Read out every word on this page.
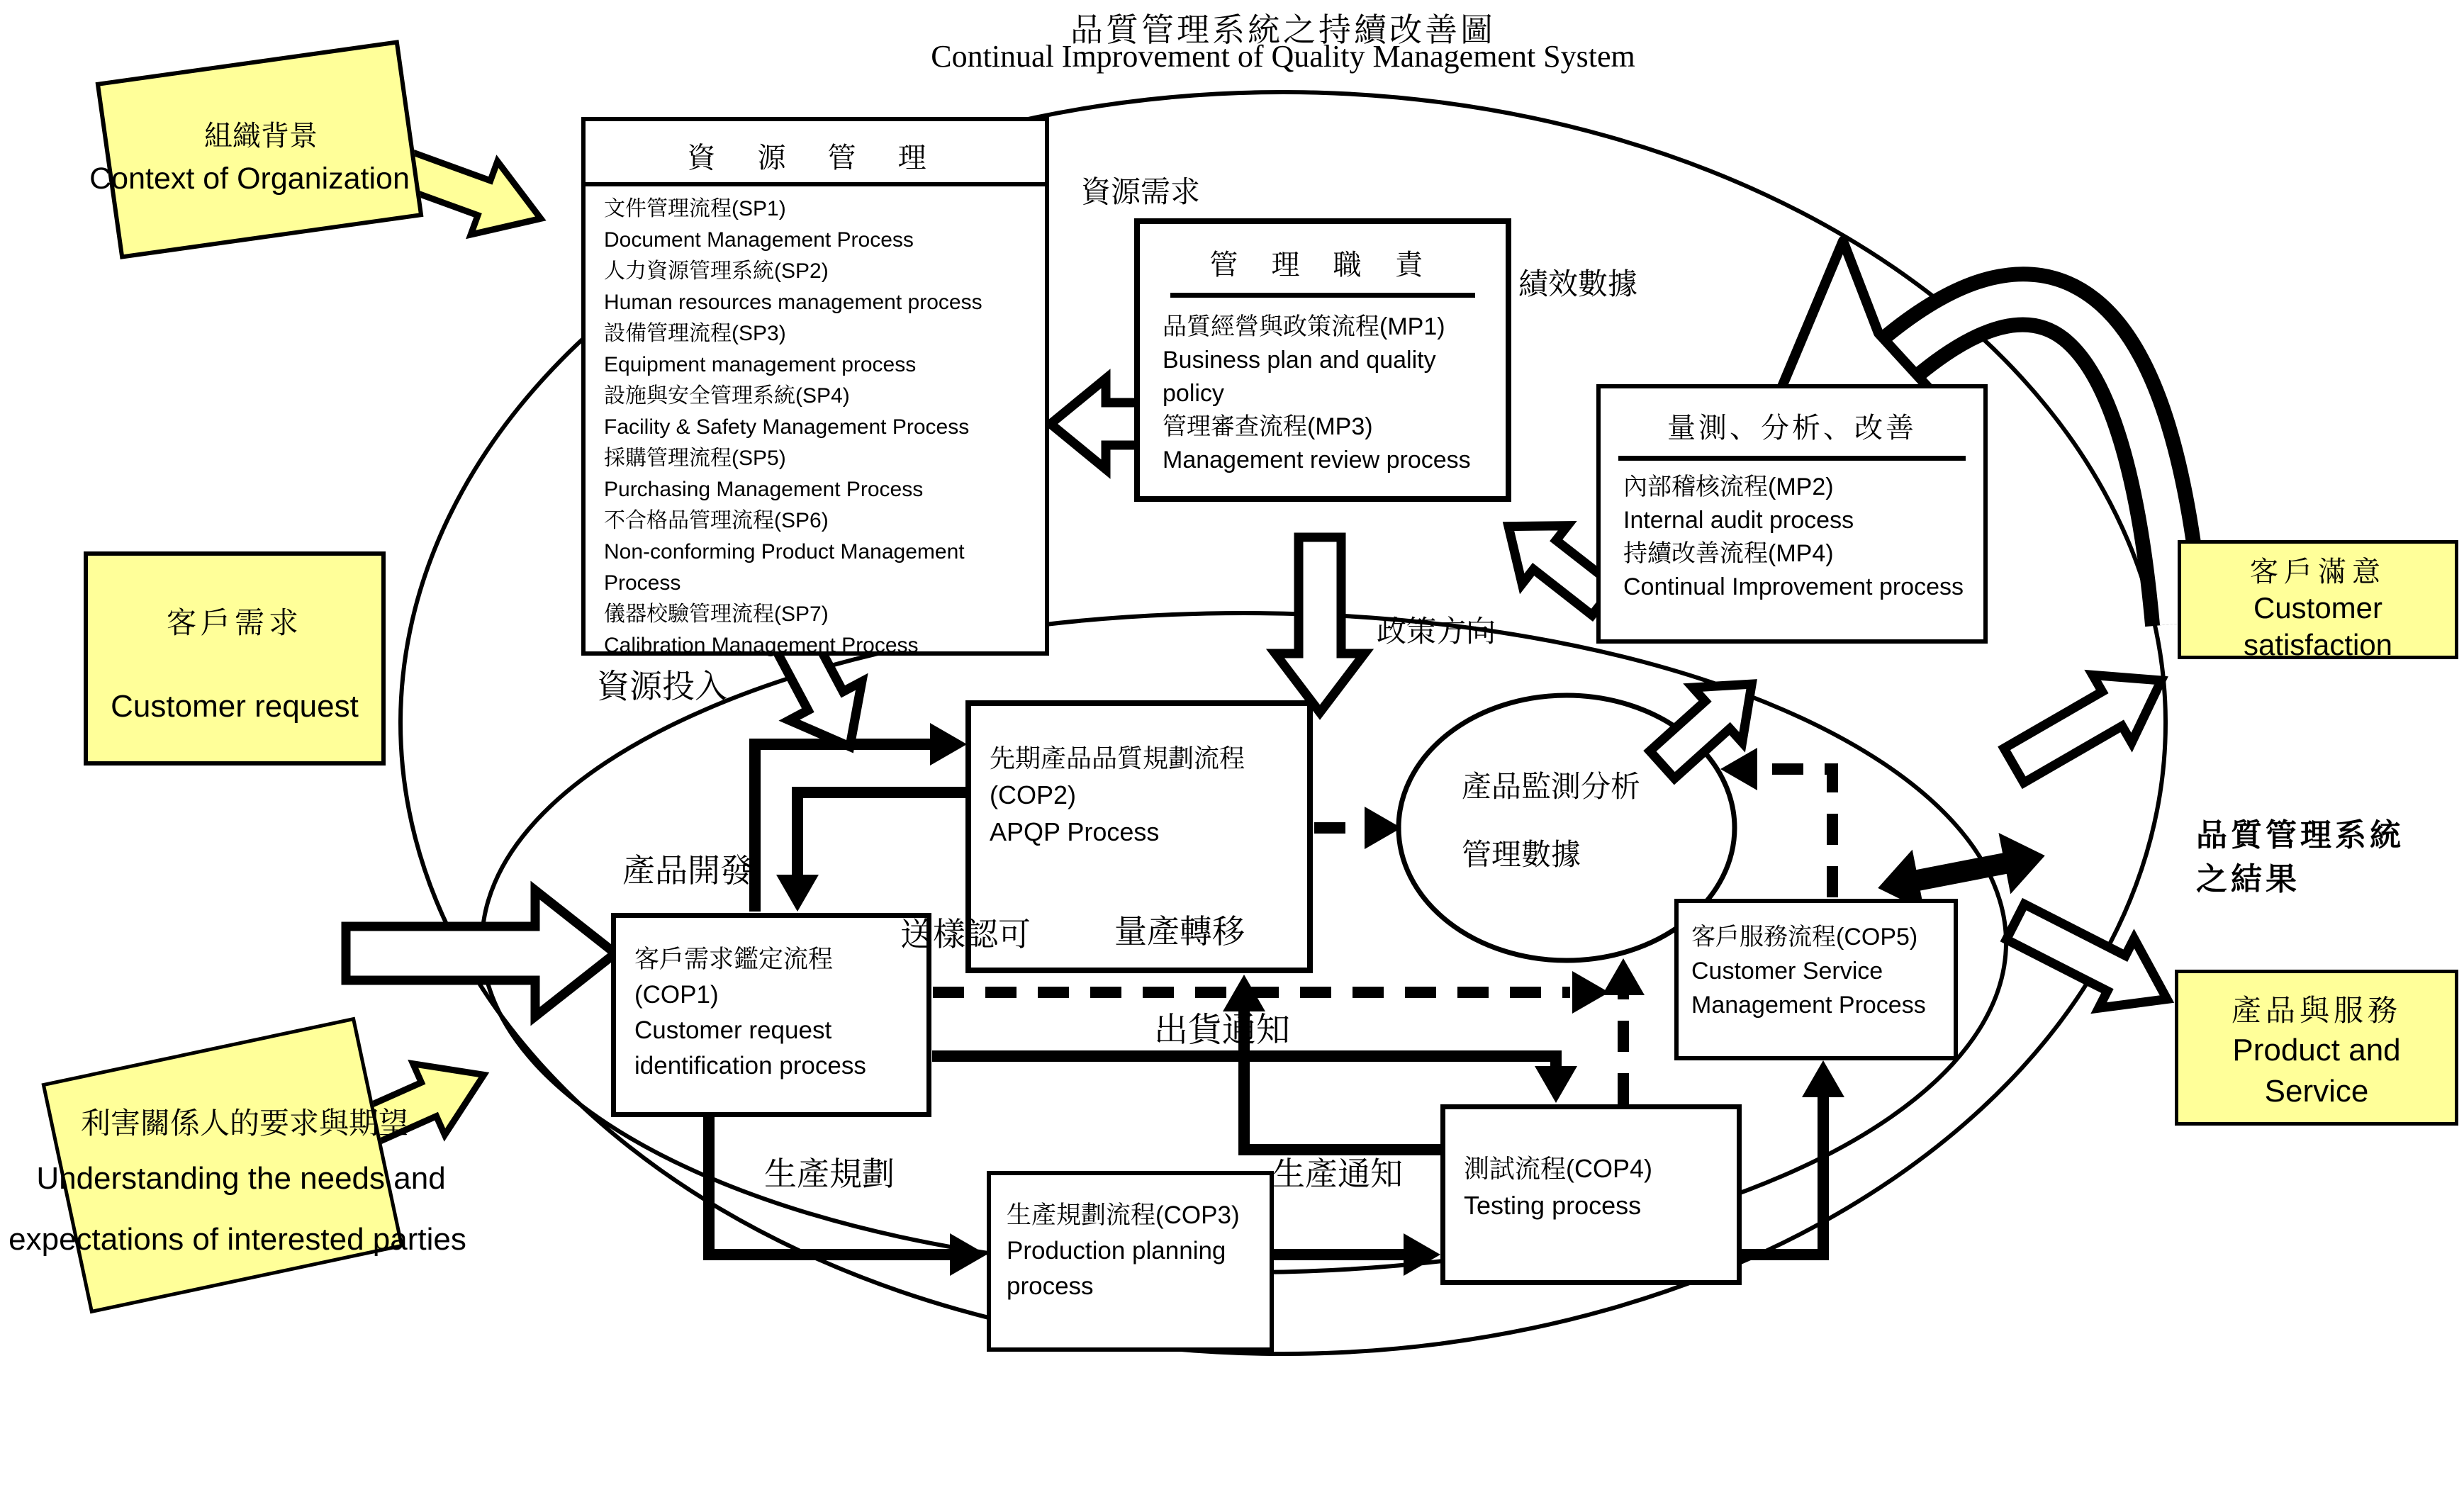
品質管理系統之持續改善圖
Continual Improvement of Quality Management System
組織背景
Context of Organization
客戶需求
Customer request
利害關係人的要求與期望
Understanding the needs and
expectations of interested parties
資 源 管 理
文件管理流程(SP1)
Document Management Process
人力資源管理系統(SP2)
Human resources management process
設備管理流程(SP3)
Equipment management process
設施與安全管理系統(SP4)
Facility & Safety Management Process
採購管理流程(SP5)
Purchasing Management Process
不合格品管理流程(SP6)
Non-conforming Product Management Process
儀器校驗管理流程(SP7)
Calibration Management Process
管 理 職 責
品質經營與政策流程(MP1)
Business plan and quality
policy
管理審查流程(MP3)
Management review process
量測、分析、改善
內部稽核流程(MP2)
Internal audit process
持續改善流程(MP4)
Continual Improvement process
先期產品品質規劃流程
(COP2)
APQP Process
客戶需求鑑定流程
(COP1)
Customer request
identification process
生產規劃流程(COP3)
Production planning
process
測試流程(COP4)
Testing process
客戶服務流程(COP5)
Customer Service
Management Process
產品監測分析
管理數據
資源需求
績效數據
政策方向
資源投入
產品開發
送樣認可	量產轉移
出貨通知
生產規劃	生產通知
客戶滿意
Customer
satisfaction
品質管理系統
之結果
產品與服務
Product and
Service
